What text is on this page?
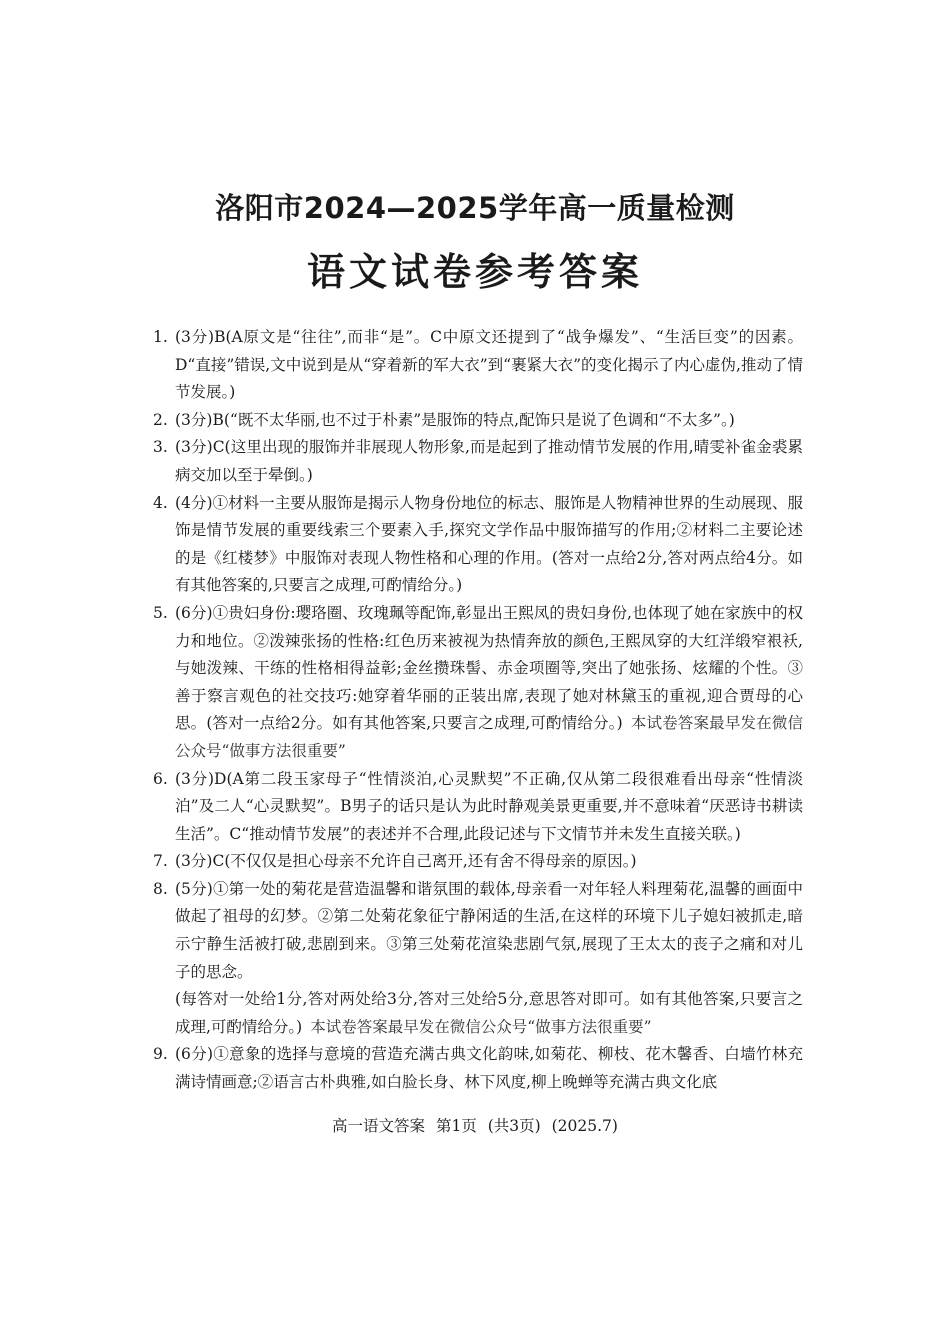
洛阳市2024—2025学年高一质量检测
语文试卷参考答案
1. (3分)B(A原文是“往往”,而非“是”。C中原文还提到了“战争爆发”、“生活巨变”的因素。D“直接”错误,文中说到是从“穿着新的军大衣”到“裹紧大衣”的变化揭示了内心虚伪,推动了情节发展。)
2. (3分)B(“既不太华丽,也不过于朴素”是服饰的特点,配饰只是说了色调和“不太多”。)
3. (3分)C(这里出现的服饰并非展现人物形象,而是起到了推动情节发展的作用,晴雯补雀金裘累病交加以至于晕倒。)
4. (4分)①材料一主要从服饰是揭示人物身份地位的标志、服饰是人物精神世界的生动展现、服饰是情节发展的重要线索三个要素入手,探究文学作品中服饰描写的作用;②材料二主要论述的是《红楼梦》中服饰对表现人物性格和心理的作用。(答对一点给2分,答对两点给4分。如有其他答案的,只要言之成理,可酌情给分。)
5. (6分)①贵妇身份:璎珞圈、玫瑰珮等配饰,彰显出王熙凤的贵妇身份,也体现了她在家族中的权力和地位。②泼辣张扬的性格:红色历来被视为热情奔放的颜色,王熙凤穿的大红洋缎窄裉袄,与她泼辣、干练的性格相得益彰;金丝攒珠髻、赤金项圈等,突出了她张扬、炫耀的个性。③善于察言观色的社交技巧:她穿着华丽的正装出席,表现了她对林黛玉的重视,迎合贾母的心思。(答对一点给2分。如有其他答案,只要言之成理,可酌情给分。) 本试卷答案最早发在微信公众号“做事方法很重要”
6. (3分)D(A第二段玉家母子“性情淡泊,心灵默契”不正确,仅从第二段很难看出母亲“性情淡泊”及二人“心灵默契”。B男子的话只是认为此时静观美景更重要,并不意味着“厌恶诗书耕读生活”。C“推动情节发展”的表述并不合理,此段记述与下文情节并未发生直接关联。)
7. (3分)C(不仅仅是担心母亲不允许自己离开,还有舍不得母亲的原因。)
8. (5分)①第一处的菊花是营造温馨和谐氛围的载体,母亲看一对年轻人料理菊花,温馨的画面中做起了祖母的幻梦。②第二处菊花象征宁静闲适的生活,在这样的环境下儿子媳妇被抓走,暗示宁静生活被打破,悲剧到来。③第三处菊花渲染悲剧气氛,展现了王太太的丧子之痛和对儿子的思念。
(每答对一处给1分,答对两处给3分,答对三处给5分,意思答对即可。如有其他答案,只要言之成理,可酌情给分。) 本试卷答案最早发在微信公众号“做事方法很重要”
9. (6分)①意象的选择与意境的营造充满古典文化韵味,如菊花、柳枝、花木馨香、白墙竹林充满诗情画意;②语言古朴典雅,如白脸长身、林下风度,柳上晚蝉等充满古典文化底
高一语文答案 第1页 (共3页) (2025.7)
